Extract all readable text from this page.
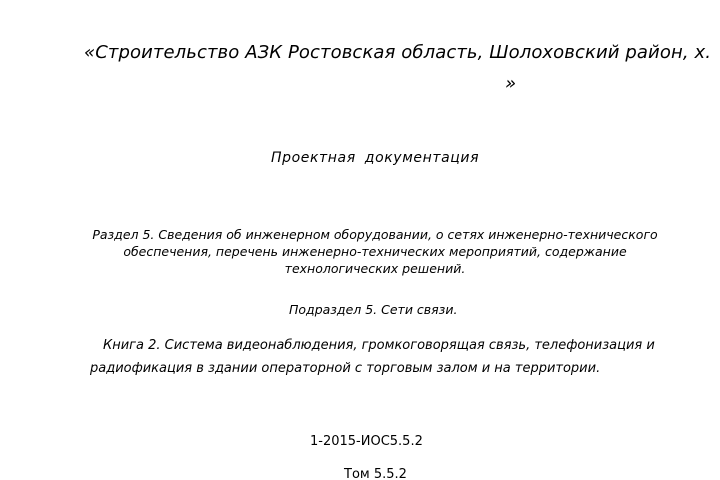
«Строительство АЗК Ростовская область, Шолоховский район, х.

»

Проектная документация

Раздел 5. Сведения об инженерном оборудовании, о сетях инженерно-технического обеспечения, перечень инженерно-технических мероприятий, содержание технологических решений.

Подраздел 5. Сети связи.

Книга 2. Система видеонаблюдения, громкоговорящая связь, телефонизация и

радиофикация в здании операторной с торговым залом и на территории.

1-2015-ИОС5.5.2

Том 5.5.2
